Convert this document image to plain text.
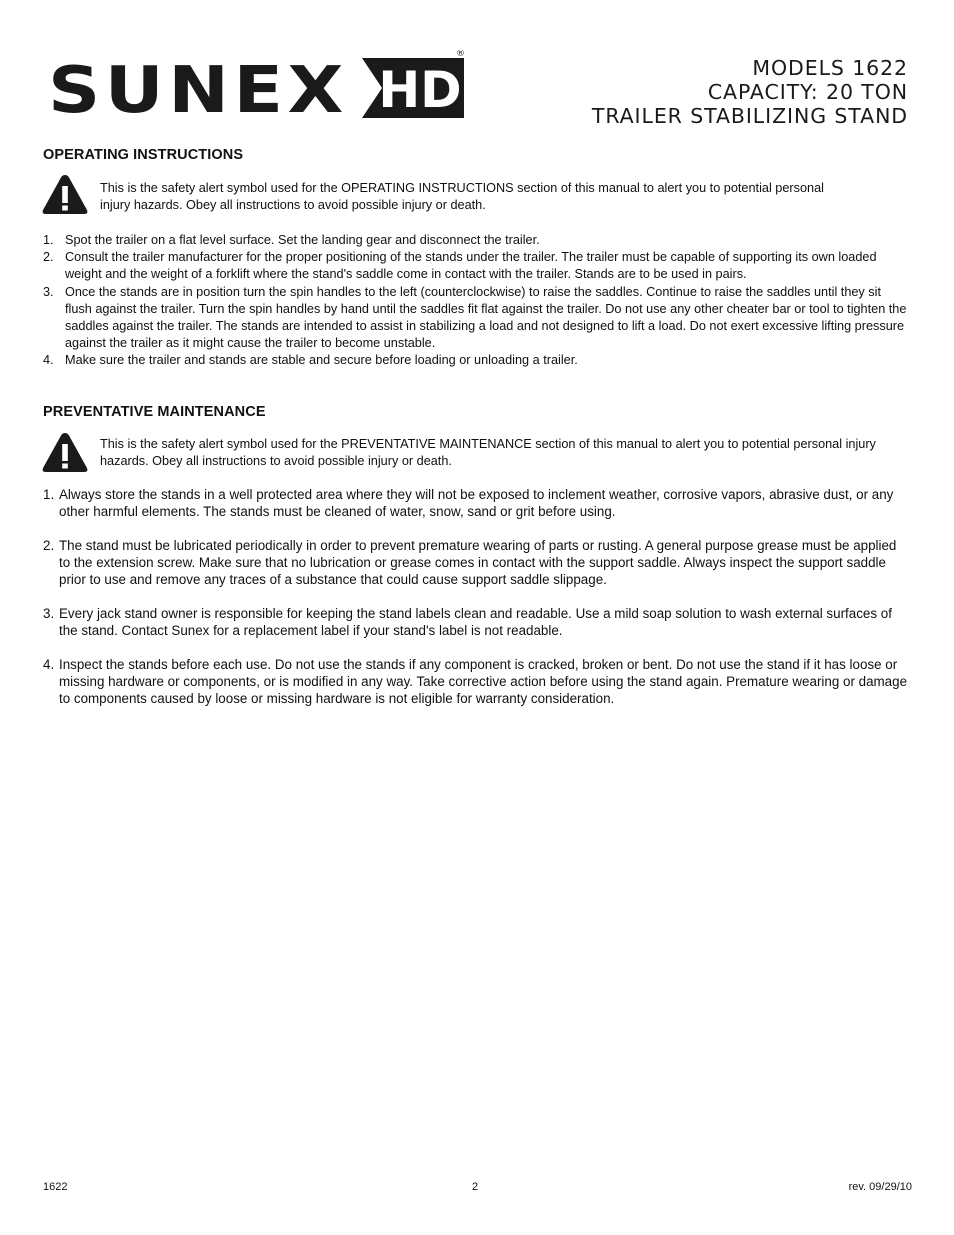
SUNEX HD
®
MODELS 1622
CAPACITY: 20 TON
TRAILER STABILIZING STAND
OPERATING INSTRUCTIONS

This is the safety alert symbol used for the OPERATING INSTRUCTIONS section of this manual to alert you to potential personal injury hazards. Obey all instructions to avoid possible injury or death.

1. Spot the trailer on a flat level surface. Set the landing gear and disconnect the trailer.
2. Consult the trailer manufacturer for the proper positioning of the stands under the trailer. The trailer must be capable of supporting its own loaded weight and the weight of a forklift where the stand's saddle come in contact with the trailer. Stands are to be used in pairs.
3. Once the stands are in position turn the spin handles to the left (counterclockwise) to raise the saddles. Continue to raise the saddles until they sit flush against the trailer. Turn the spin handles by hand until the saddles fit flat against the trailer. Do not use any other cheater bar or tool to tighten the saddles against the trailer. The stands are intended to assist in stabilizing a load and not designed to lift a load. Do not exert excessive lifting pressure against the trailer as it might cause the trailer to become unstable.
4. Make sure the trailer and stands are stable and secure before loading or unloading a trailer.
PREVENTATIVE MAINTENANCE

This is the safety alert symbol used for the PREVENTATIVE MAINTENANCE section of this manual to alert you to potential personal injury hazards. Obey all instructions to avoid possible injury or death.

1. Always store the stands in a well protected area where they will not be exposed to inclement weather, corrosive vapors, abrasive dust, or any other harmful elements. The stands must be cleaned of water, snow, sand or grit before using.
2. The stand must be lubricated periodically in order to prevent premature wearing of parts or rusting. A general purpose grease must be applied to the extension screw. Make sure that no lubrication or grease comes in contact with the support saddle. Always inspect the support saddle prior to use and remove any traces of a substance that could cause support saddle slippage.
3. Every jack stand owner is responsible for keeping the stand labels clean and readable. Use a mild soap solution to wash external surfaces of the stand. Contact Sunex for a replacement label if your stand's label is not readable.
4. Inspect the stands before each use. Do not use the stands if any component is cracked, broken or bent. Do not use the stand if it has loose or missing hardware or components, or is modified in any way. Take corrective action before using the stand again. Premature wearing or damage to components caused by loose or missing hardware is not eligible for warranty consideration.
1622	2	rev. 09/29/10
